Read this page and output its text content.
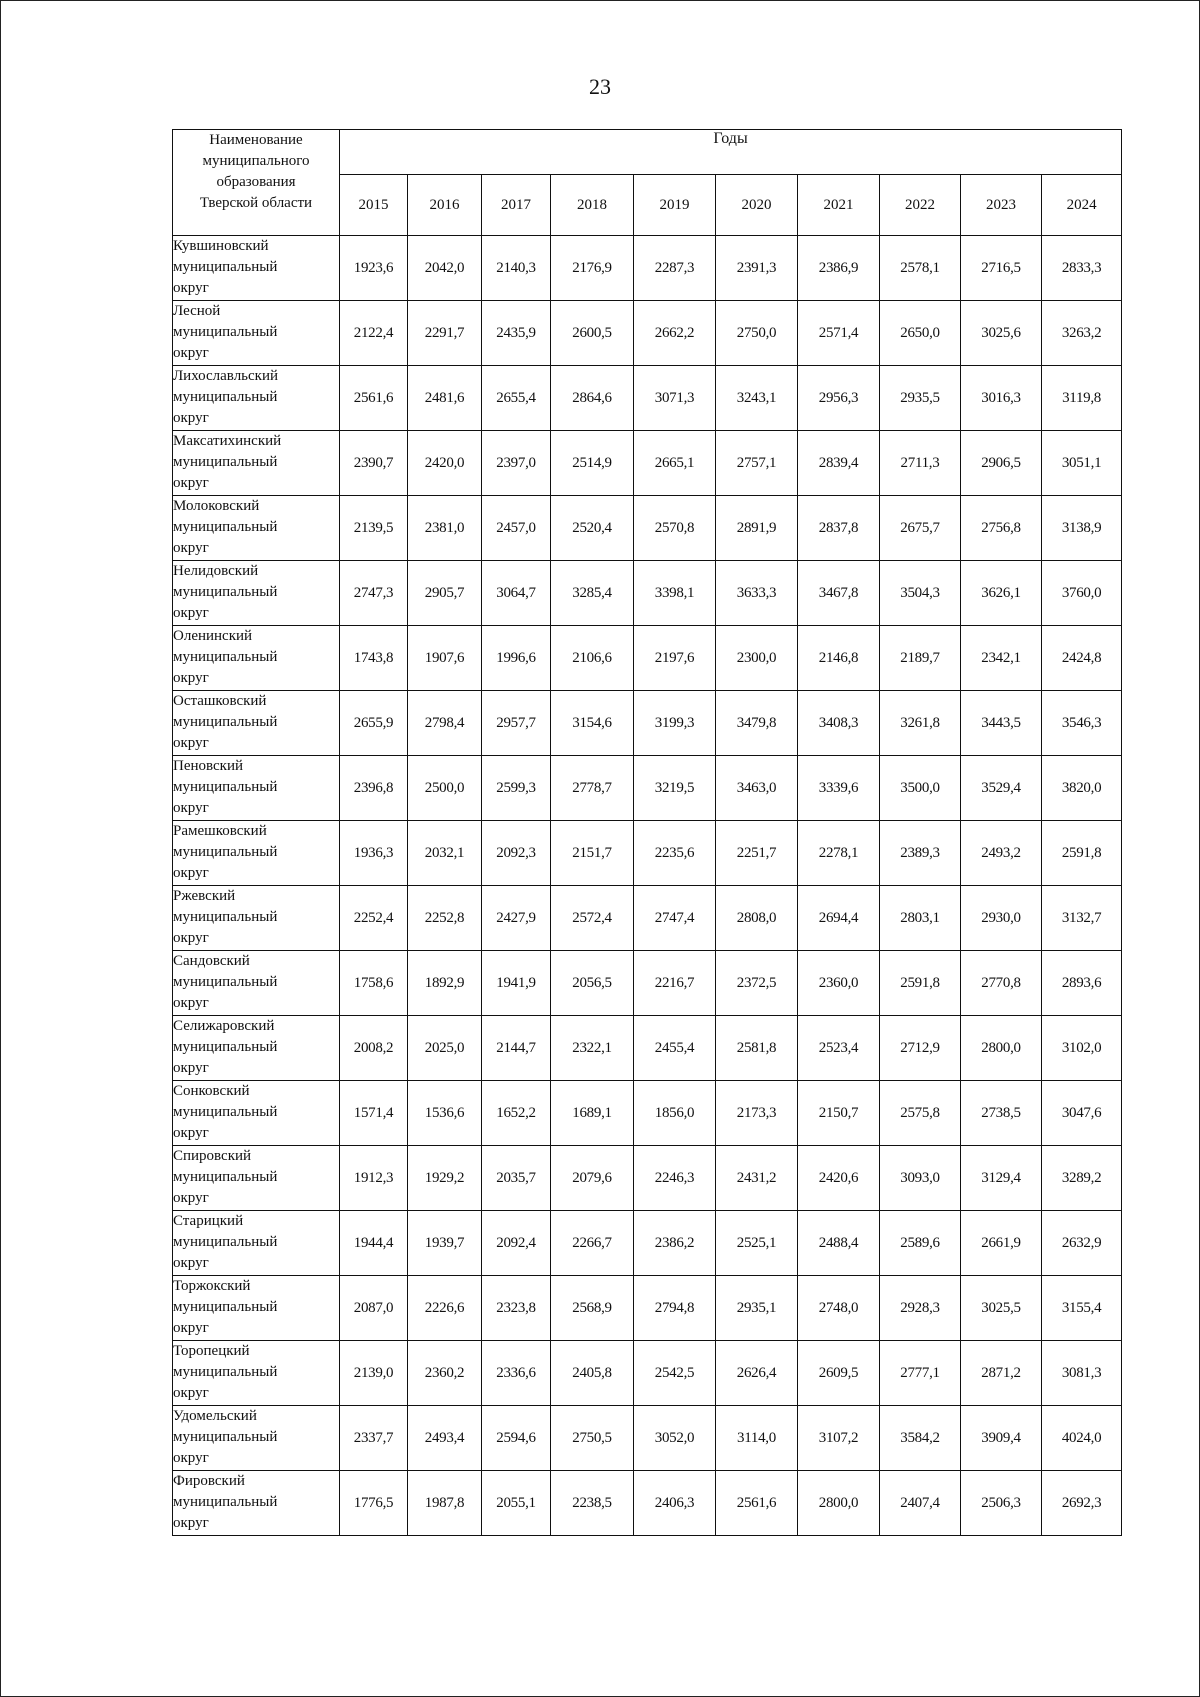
23
Наименование
муниципального
образования
Тверской области	Годы									
	2015	2016	2017	2018	2019	2020	2021	2022	2023	2024

Кувшиновский
муниципальный
округ	1923,6	2042,0	2140,3	2176,9	2287,3	2391,3	2386,9	2578,1	2716,5	2833,3

Лесной
муниципальный
округ	2122,4	2291,7	2435,9	2600,5	2662,2	2750,0	2571,4	2650,0	3025,6	3263,2

Лихославльский
муниципальный
округ	2561,6	2481,6	2655,4	2864,6	3071,3	3243,1	2956,3	2935,5	3016,3	3119,8

Максатихинский
муниципальный
округ	2390,7	2420,0	2397,0	2514,9	2665,1	2757,1	2839,4	2711,3	2906,5	3051,1

Молоковский
муниципальный
округ	2139,5	2381,0	2457,0	2520,4	2570,8	2891,9	2837,8	2675,7	2756,8	3138,9

Нелидовский
муниципальный
округ	2747,3	2905,7	3064,7	3285,4	3398,1	3633,3	3467,8	3504,3	3626,1	3760,0

Оленинский
муниципальный
округ	1743,8	1907,6	1996,6	2106,6	2197,6	2300,0	2146,8	2189,7	2342,1	2424,8

Осташковский
муниципальный
округ	2655,9	2798,4	2957,7	3154,6	3199,3	3479,8	3408,3	3261,8	3443,5	3546,3

Пеновский
муниципальный
округ	2396,8	2500,0	2599,3	2778,7	3219,5	3463,0	3339,6	3500,0	3529,4	3820,0

Рамешковский
муниципальный
округ	1936,3	2032,1	2092,3	2151,7	2235,6	2251,7	2278,1	2389,3	2493,2	2591,8

Ржевский
муниципальный
округ	2252,4	2252,8	2427,9	2572,4	2747,4	2808,0	2694,4	2803,1	2930,0	3132,7

Сандовский
муниципальный
округ	1758,6	1892,9	1941,9	2056,5	2216,7	2372,5	2360,0	2591,8	2770,8	2893,6

Селижаровский
муниципальный
округ	2008,2	2025,0	2144,7	2322,1	2455,4	2581,8	2523,4	2712,9	2800,0	3102,0

Сонковский
муниципальный
округ	1571,4	1536,6	1652,2	1689,1	1856,0	2173,3	2150,7	2575,8	2738,5	3047,6

Спировский
муниципальный
округ	1912,3	1929,2	2035,7	2079,6	2246,3	2431,2	2420,6	3093,0	3129,4	3289,2

Старицкий
муниципальный
округ	1944,4	1939,7	2092,4	2266,7	2386,2	2525,1	2488,4	2589,6	2661,9	2632,9

Торжокский
муниципальный
округ	2087,0	2226,6	2323,8	2568,9	2794,8	2935,1	2748,0	2928,3	3025,5	3155,4

Торопецкий
муниципальный
округ	2139,0	2360,2	2336,6	2405,8	2542,5	2626,4	2609,5	2777,1	2871,2	3081,3

Удомельский
муниципальный
округ	2337,7	2493,4	2594,6	2750,5	3052,0	3114,0	3107,2	3584,2	3909,4	4024,0

Фировский
муниципальный
округ	1776,5	1987,8	2055,1	2238,5	2406,3	2561,6	2800,0	2407,4	2506,3	2692,3
